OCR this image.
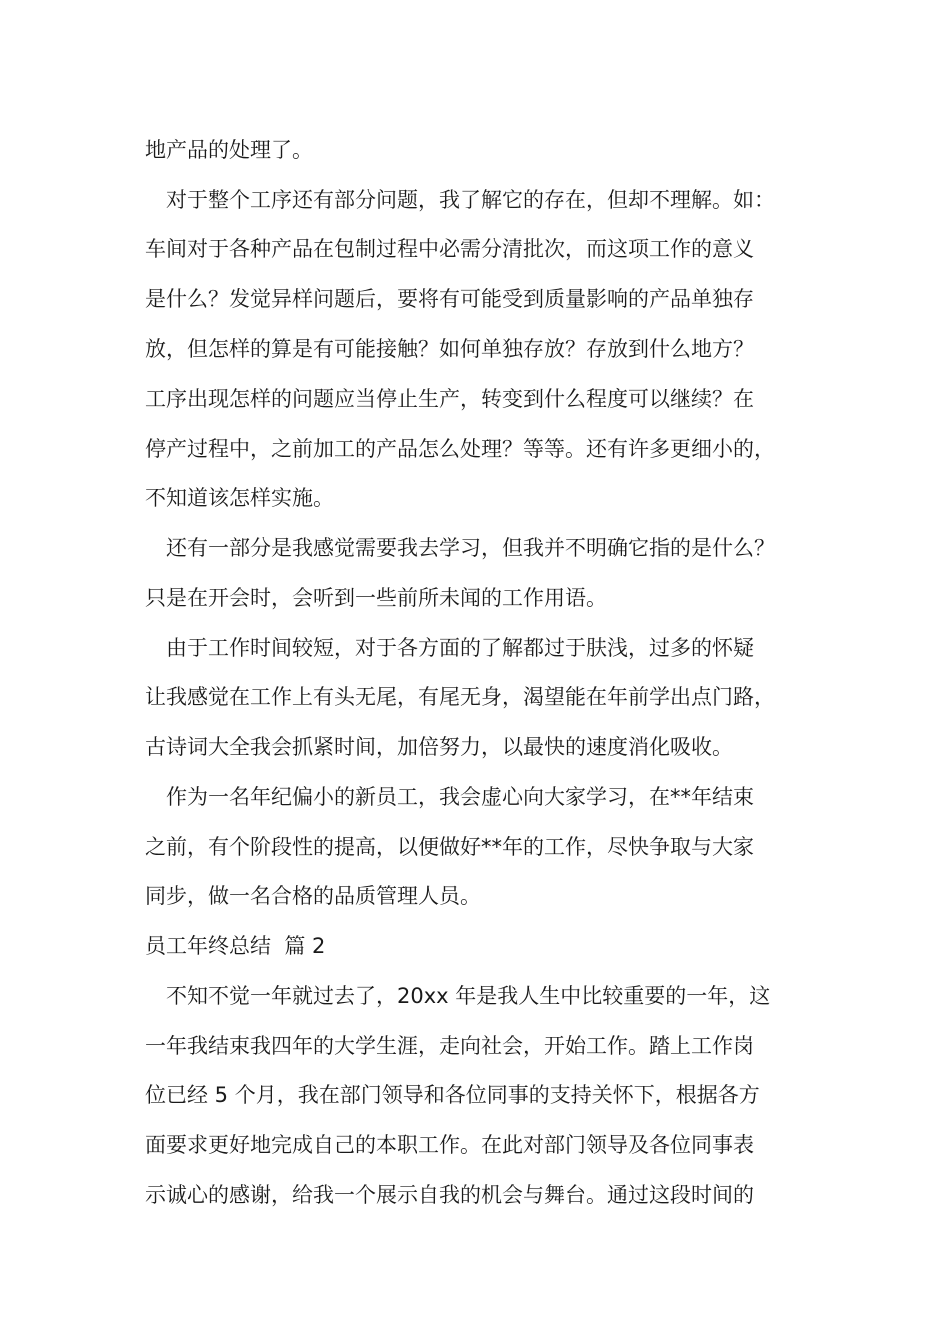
地产品的处理了。
对于整个工序还有部分问题，我了解它的存在，但却不理解。如：
车间对于各种产品在包制过程中必需分清批次，而这项工作的意义
是什么？发觉异样问题后，要将有可能受到质量影响的产品单独存
放，但怎样的算是有可能接触？如何单独存放？存放到什么地方？
工序出现怎样的问题应当停止生产，转变到什么程度可以继续？在
停产过程中，之前加工的产品怎么处理？等等。还有许多更细小的，
不知道该怎样实施。
还有一部分是我感觉需要我去学习，但我并不明确它指的是什么？
只是在开会时，会听到一些前所未闻的工作用语。
由于工作时间较短，对于各方面的了解都过于肤浅，过多的怀疑
让我感觉在工作上有头无尾，有尾无身，渴望能在年前学出点门路，
古诗词大全我会抓紧时间，加倍努力，以最快的速度消化吸收。
作为一名年纪偏小的新员工，我会虚心向大家学习，在**年结束
之前，有个阶段性的提高，以便做好**年的工作，尽快争取与大家
同步，做一名合格的品质管理人员。
员工年终总结  篇 2
不知不觉一年就过去了，20xx 年是我人生中比较重要的一年，这
一年我结束我四年的大学生涯，走向社会，开始工作。踏上工作岗
位已经 5 个月，我在部门领导和各位同事的支持关怀下，根据各方
面要求更好地完成自己的本职工作。在此对部门领导及各位同事表
示诚心的感谢，给我一个展示自我的机会与舞台。通过这段时间的
